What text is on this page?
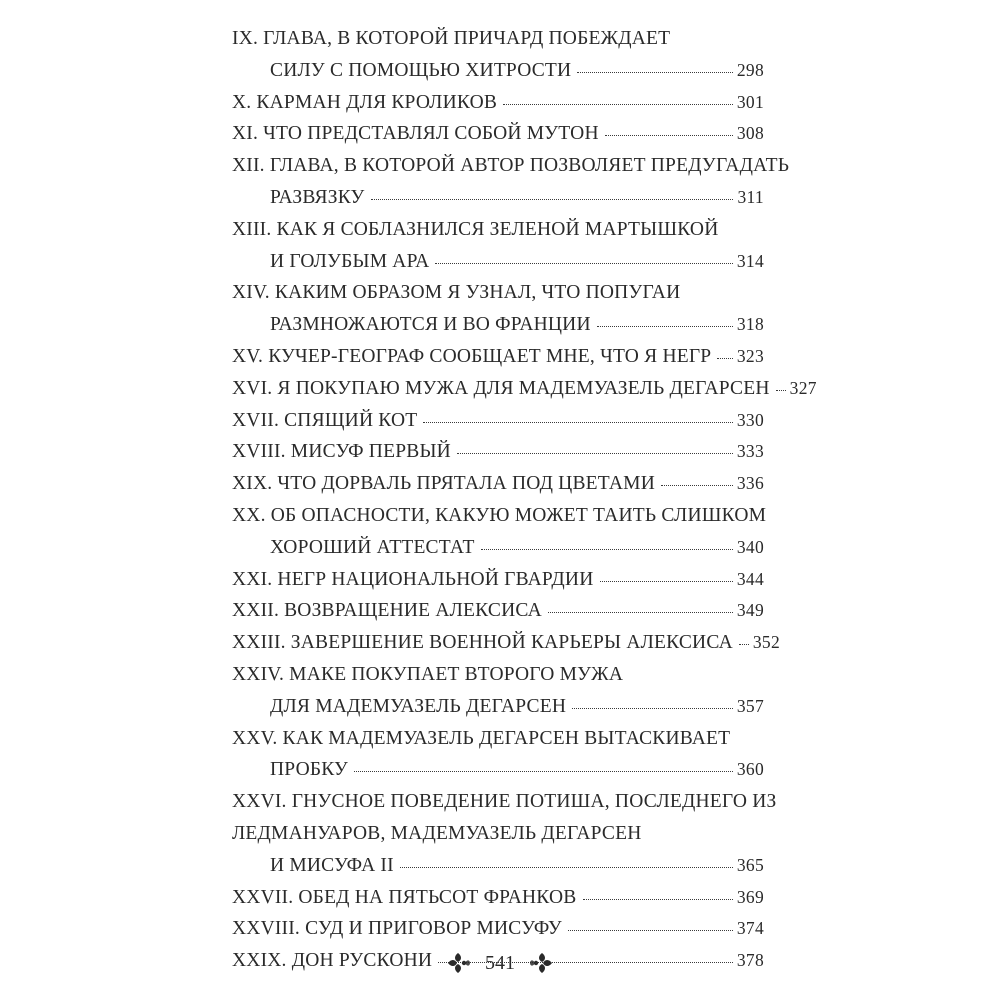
IX. ГЛАВА, В КОТОРОЙ ПРИЧАРД ПОБЕЖДАЕТ
СИЛУ С ПОМОЩЬЮ ХИТРОСТИ	298
X. КАРМАН ДЛЯ КРОЛИКОВ	301
XI. ЧТО ПРЕДСТАВЛЯЛ СОБОЙ МУТОН	308
XII. ГЛАВА, В КОТОРОЙ АВТОР ПОЗВОЛЯЕТ ПРЕДУГАДАТЬ
РАЗВЯЗКУ	311
XIII. КАК Я СОБЛАЗНИЛСЯ ЗЕЛЕНОЙ МАРТЫШКОЙ
И ГОЛУБЫМ АРА	314
XIV. КАКИМ ОБРАЗОМ Я УЗНАЛ, ЧТО ПОПУГАИ
РАЗМНОЖАЮТСЯ И ВО ФРАНЦИИ	318
XV. КУЧЕР-ГЕОГРАФ СООБЩАЕТ МНЕ, ЧТО Я НЕГР 323
XVI. Я ПОКУПАЮ МУЖА ДЛЯ МАДЕМУАЗЕЛЬ ДЕГАРСЕН 327
XVII. СПЯЩИЙ КОТ	330
XVIII. МИСУФ ПЕРВЫЙ	333
XIX. ЧТО ДОРВАЛЬ ПРЯТАЛА ПОД ЦВЕТАМИ	336
XX. ОБ ОПАСНОСТИ, КАКУЮ МОЖЕТ ТАИТЬ СЛИШКОМ
ХОРОШИЙ АТТЕСТАТ	340
XXI. НЕГР НАЦИОНАЛЬНОЙ ГВАРДИИ	344
XXII. ВОЗВРАЩЕНИЕ АЛЕКСИСА	349
XXIII. ЗАВЕРШЕНИЕ ВОЕННОЙ КАРЬЕРЫ АЛЕКСИСА 352
XXIV. МАКЕ ПОКУПАЕТ ВТОРОГО МУЖА
ДЛЯ МАДЕМУАЗЕЛЬ ДЕГАРСЕН	357
XXV. КАК МАДЕМУАЗЕЛЬ ДЕГАРСЕН ВЫТАСКИВАЕТ
ПРОБКУ	360
XXVI. ГНУСНОЕ ПОВЕДЕНИЕ ПОТИША, ПОСЛЕДНЕГО ИЗ
ЛЕДМАНУАРОВ, МАДЕМУАЗЕЛЬ ДЕГАРСЕН
И МИСУФА II	365
XXVII. ОБЕД НА ПЯТЬСОТ ФРАНКОВ	369
XXVIII. СУД И ПРИГОВОР МИСУФУ	374
XXIX. ДОН РУСКОНИ	378
541
